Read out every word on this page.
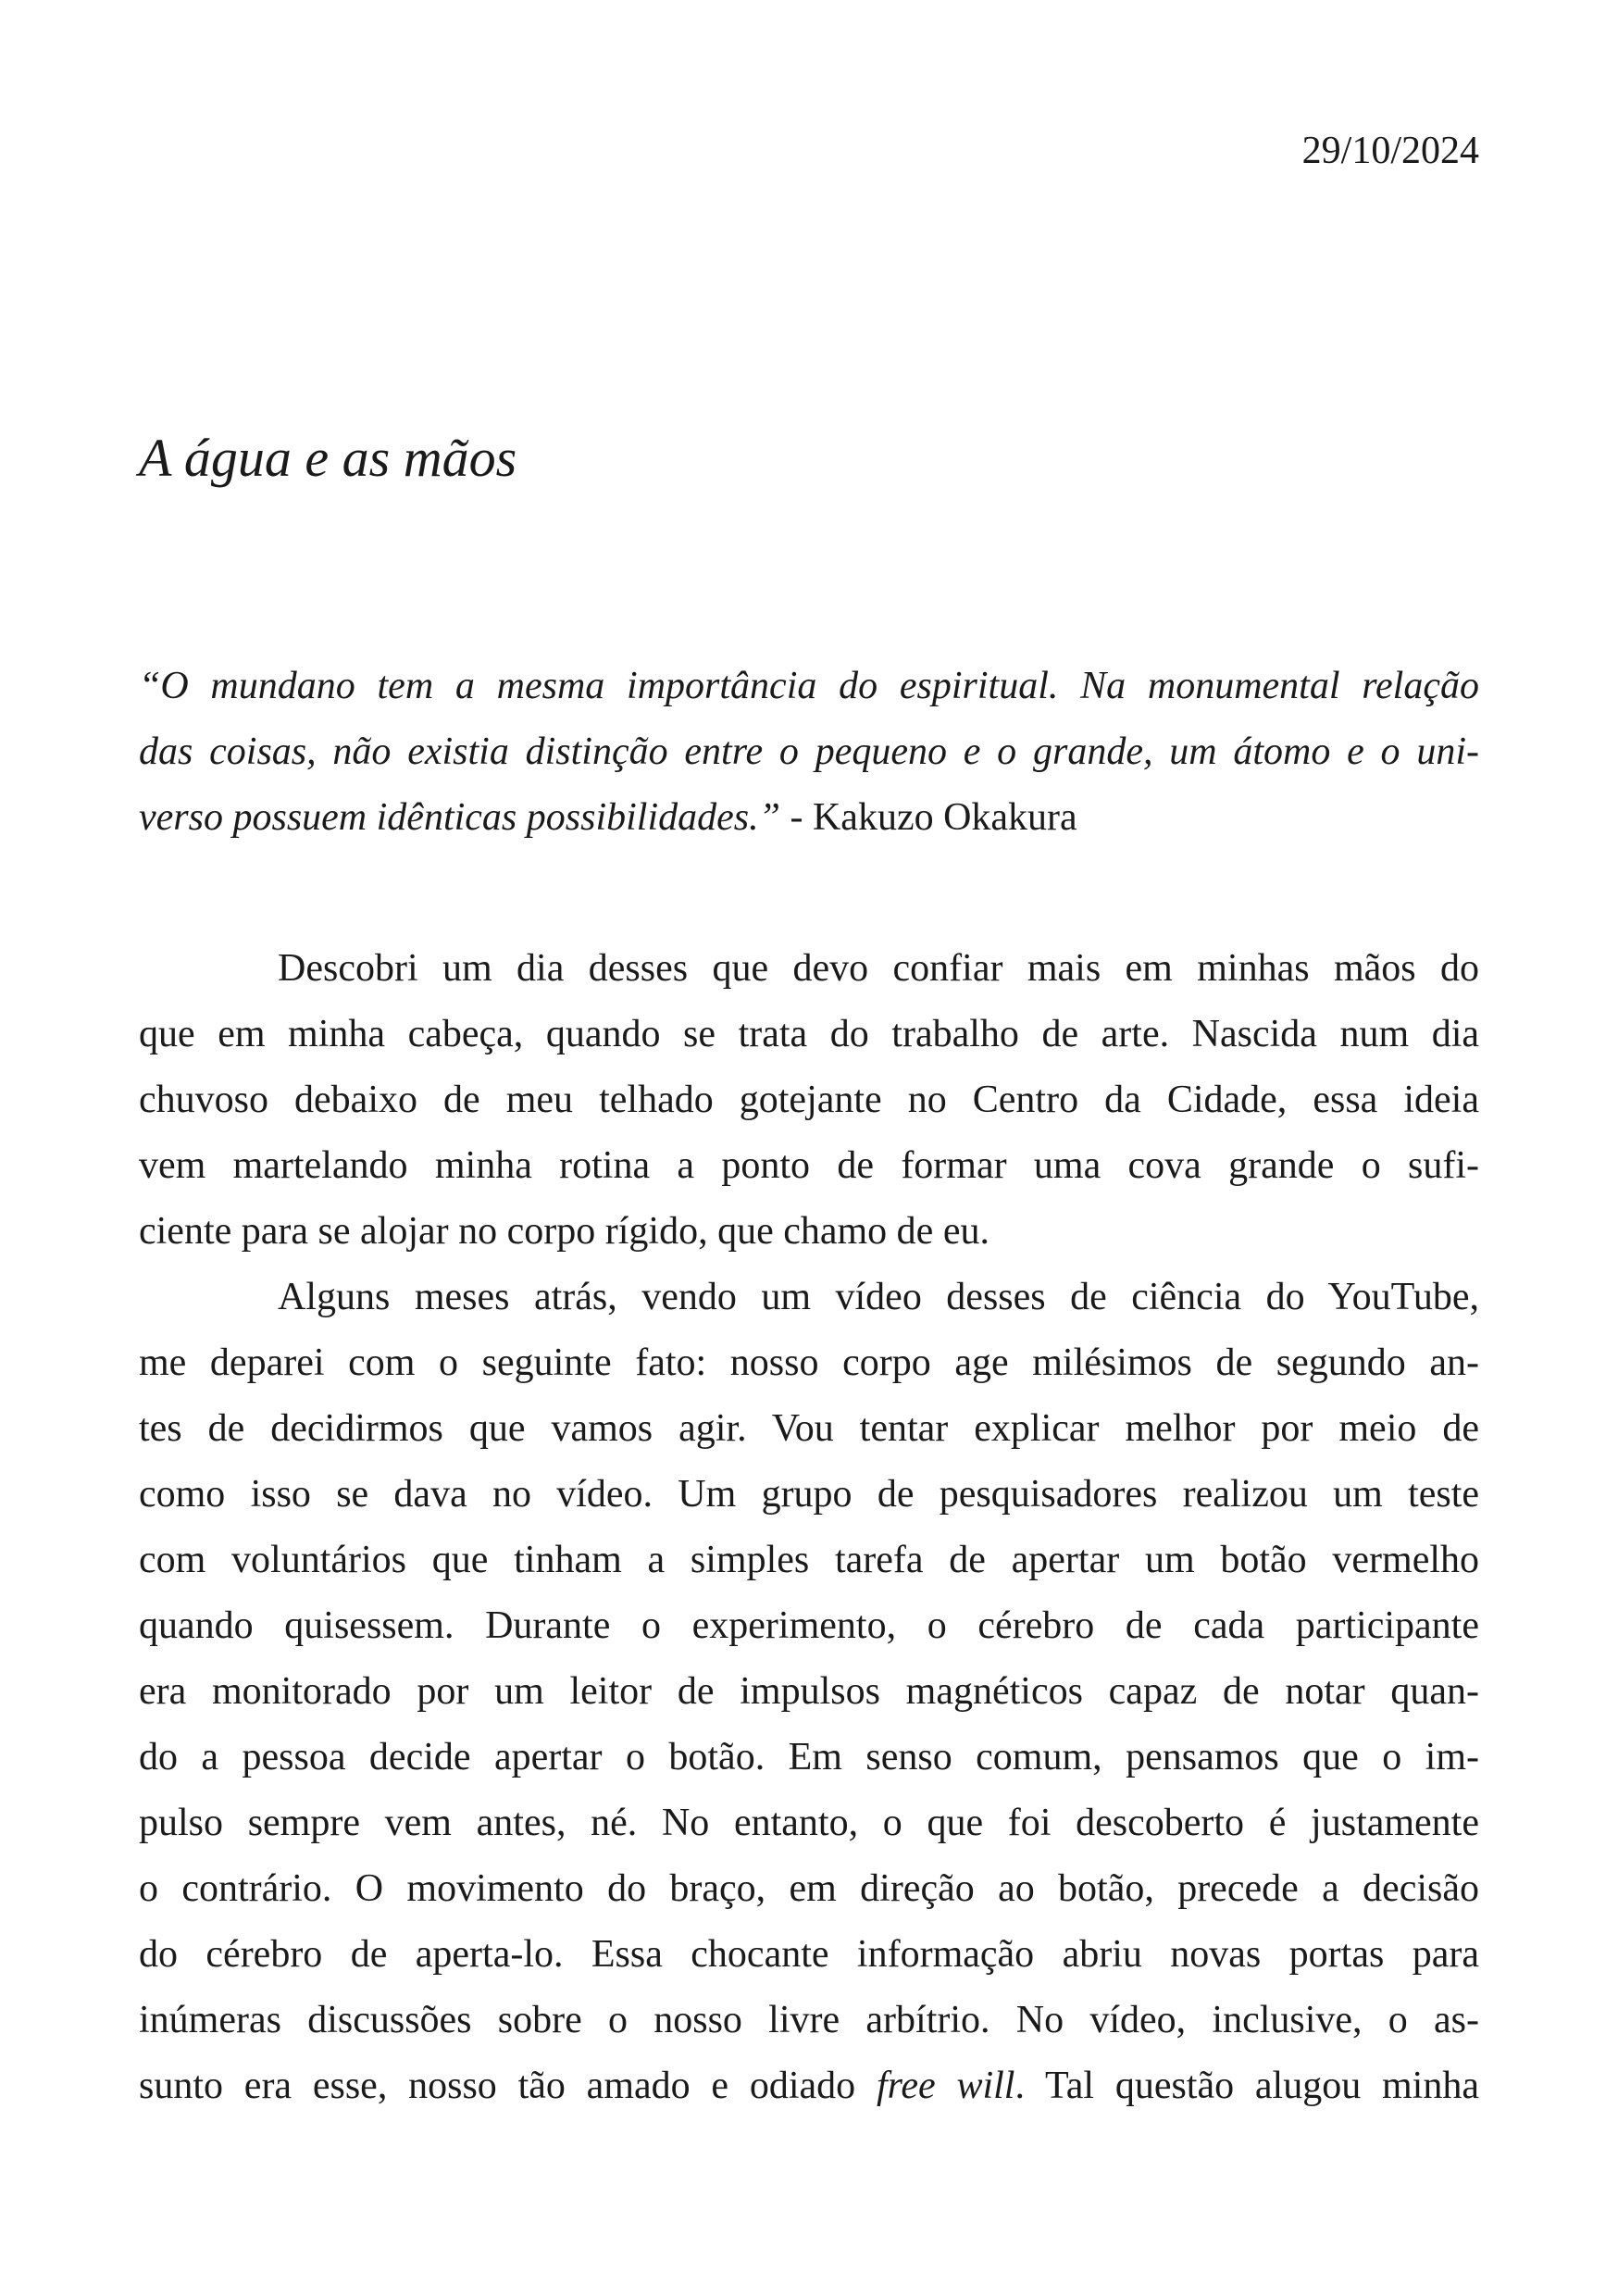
29/10/2024
A água e as mãos
“O mundano tem a mesma importância do espiritual. Na monumental relação
das coisas, não existia distinção entre o pequeno e o grande, um átomo e o uni-
verso possuem idênticas possibilidades.” - Kakuzo Okakura
Descobri um dia desses que devo confiar mais em minhas mãos do
que em minha cabeça, quando se trata do trabalho de arte. Nascida num dia
chuvoso debaixo de meu telhado gotejante no Centro da Cidade, essa ideia
vem martelando minha rotina a ponto de formar uma cova grande o sufi-
ciente para se alojar no corpo rígido, que chamo de eu.
Alguns meses atrás, vendo um vídeo desses de ciência do YouTube,
me deparei com o seguinte fato: nosso corpo age milésimos de segundo an-
tes de decidirmos que vamos agir. Vou tentar explicar melhor por meio de
como isso se dava no vídeo. Um grupo de pesquisadores realizou um teste
com voluntários que tinham a simples tarefa de apertar um botão vermelho
quando quisessem. Durante o experimento, o cérebro de cada participante
era monitorado por um leitor de impulsos magnéticos capaz de notar quan-
do a pessoa decide apertar o botão. Em senso comum, pensamos que o im-
pulso sempre vem antes, né. No entanto, o que foi descoberto é justamente
o contrário. O movimento do braço, em direção ao botão, precede a decisão
do cérebro de aperta-lo. Essa chocante informação abriu novas portas para
inúmeras discussões sobre o nosso livre arbítrio. No vídeo, inclusive, o as-
sunto era esse, nosso tão amado e odiado free will. Tal questão alugou minha
